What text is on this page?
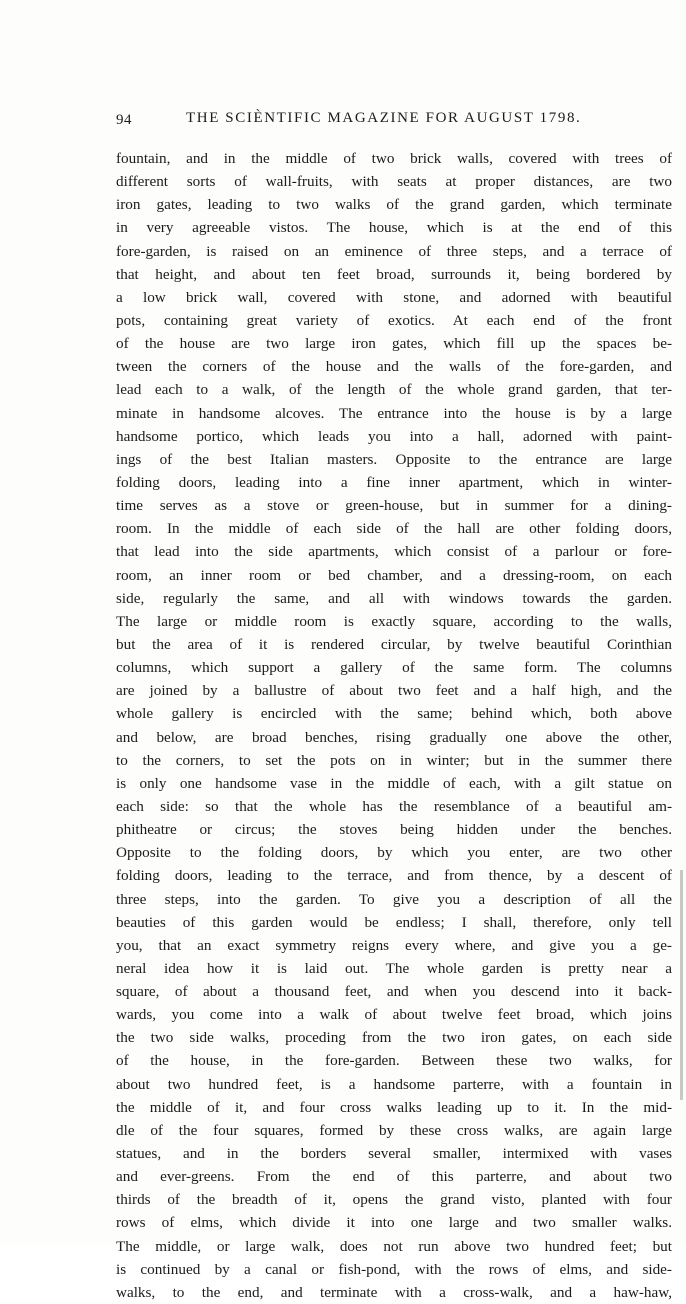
94	THE SCIÈNTIFIC MAGAZINE FOR AUGUST 1798.
fountain, and in the middle of two brick walls, covered with trees of
different sorts of wall-fruits, with seats at proper distances, are two
iron gates, leading to two walks of the grand garden, which terminate
in very agreeable vistos. The house, which is at the end of this
fore-garden, is raised on an eminence of three steps, and a terrace of
that height, and about ten feet broad, surrounds it, being bordered by
a low brick wall, covered with stone, and adorned with beautiful
pots, containing great variety of exotics. At each end of the front
of the house are two large iron gates, which fill up the spaces be-
tween the corners of the house and the walls of the fore-garden, and
lead each to a walk, of the length of the whole grand garden, that ter-
minate in handsome alcoves. The entrance into the house is by a large
handsome portico, which leads you into a hall, adorned with paint-
ings of the best Italian masters. Opposite to the entrance are large
folding doors, leading into a fine inner apartment, which in winter-
time serves as a stove or green-house, but in summer for a dining-
room. In the middle of each side of the hall are other folding doors,
that lead into the side apartments, which consist of a parlour or fore-
room, an inner room or bed chamber, and a dressing-room, on each
side, regularly the same, and all with windows towards the garden.
The large or middle room is exactly square, according to the walls,
but the area of it is rendered circular, by twelve beautiful Corinthian
columns, which support a gallery of the same form. The columns
are joined by a ballustre of about two feet and a half high, and the
whole gallery is encircled with the same; behind which, both above
and below, are broad benches, rising gradually one above the other,
to the corners, to set the pots on in winter; but in the summer there
is only one handsome vase in the middle of each, with a gilt statue on
each side: so that the whole has the resemblance of a beautiful am-
phitheatre or circus; the stoves being hidden under the benches.
Opposite to the folding doors, by which you enter, are two other
folding doors, leading to the terrace, and from thence, by a descent of
three steps, into the garden. To give you a description of all the
beauties of this garden would be endless; I shall, therefore, only tell
you, that an exact symmetry reigns every where, and give you a ge-
neral idea how it is laid out. The whole garden is pretty near a
square, of about a thousand feet, and when you descend into it back-
wards, you come into a walk of about twelve feet broad, which joins
the two side walks, proceding from the two iron gates, on each side
of the house, in the fore-garden. Between these two walks, for
about two hundred feet, is a handsome parterre, with a fountain in
the middle of it, and four cross walks leading up to it. In the mid-
dle of the four squares, formed by these cross walks, are again large
statues, and in the borders several smaller, intermixed with vases
and ever-greens. From the end of this parterre, and about two
thirds of the breadth of it, opens the grand visto, planted with four
rows of elms, which divide it into one large and two smaller walks.
The middle, or large walk, does not run above two hundred feet; but
is continued by a canal or fish-pond, with the rows of elms, and side-
walks, to the end, and terminate with a cross-walk, and a haw-haw,
